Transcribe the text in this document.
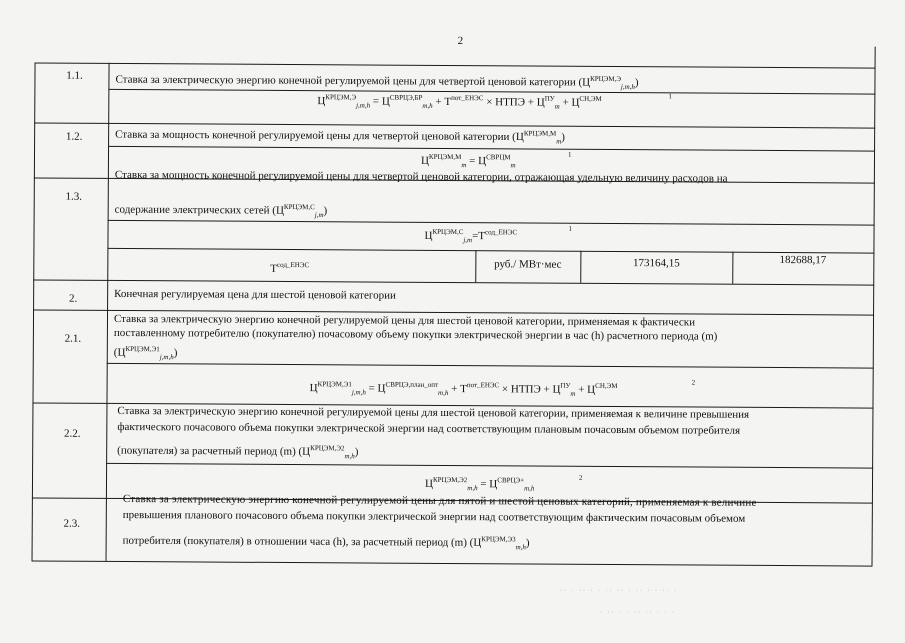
2
1.1.	Ставка за электрическую энергию конечной регулируемой цены для четвертой ценовой категории $(Ц^{КРЦЭМ,Э}_{j,m,h})$
$Ц^{КРЦЭМ,Э}_{j,m,h} = Ц^{СВРЦЭ,БР}_{m,h} + Т^{пот\_ЕНЭС}$ × НТПЭ + $Ц^{ПУ}_m + Ц^{СН,ЭМ}$	1
1.2.	Ставка за мощность конечной регулируемой цены для четвертой ценовой категории $(Ц^{КРЦЭМ,М}_m)$
$Ц^{КРЦЭМ,М}_m = Ц^{СВРЦМ}_m$
1
1.3.
Ставка за мощность конечной регулируемой цены для четвертой ценовой категории, отражающая удельную величину расходов на
содержание электрических сетей $(Ц^{КРЦЭМ,С}_{j,m})$
$Ц^{КРЦЭМ,С}_{j,m}=Т^{сод\_ЕНЭС}$	1
$Т^{сод\_ЕНЭС}$	руб./ МВт·мес	173164,15	182688,17
2.	Конечная регулируемая цена для шестой ценовой категории
2.1.
Ставка за электрическую энергию конечной регулируемой цены для шестой ценовой категории, применяемая к фактически
поставленному потребителю (покупателю) почасовому объему покупки электрической энергии в час (h) расчетного периода (m)
$(Ц^{КРЦЭМ,Э1}_{j,m,h})$
$Ц^{КРЦЭМ,Э1}_{j,m,h} = Ц^{СВРЦЭ,план\_опт}_{m,h} + Т^{пот\_ЕНЭС}$ × НТПЭ + $Ц^{ПУ}_m + Ц^{СН,ЭМ}$	2
2.2.
Ставка за электрическую энергию конечной регулируемой цены для шестой ценовой категории, применяемая к величине превышения
фактического почасового объема покупки электрической энергии над соответствующим плановым почасовым объемом потребителя
(покупателя) за расчетный период (m) $(Ц^{КРЦЭМ,Э2}_{m,h})$
$Ц^{КРЦЭМ,Э2}_{m,h} = Ц^{СВРЦЭ+}_{m,h}$
2
2.3.
Ставка за электрическую энергию конечной регулируемой цены для пятой и шестой ценовых категорий, применяемая к величине
превышения планового почасового объема покупки электрической энергии над соответствующим фактическим почасовым объемом
потребителя (покупателя) в отношении часа (h), за расчетный период (m) $(Ц^{КРЦЭМ,Э3}_{m,h})$
·· · ·· · · ·· ·· · ·· · · ·· ·
· ·· · · ·· ·· · · ·
